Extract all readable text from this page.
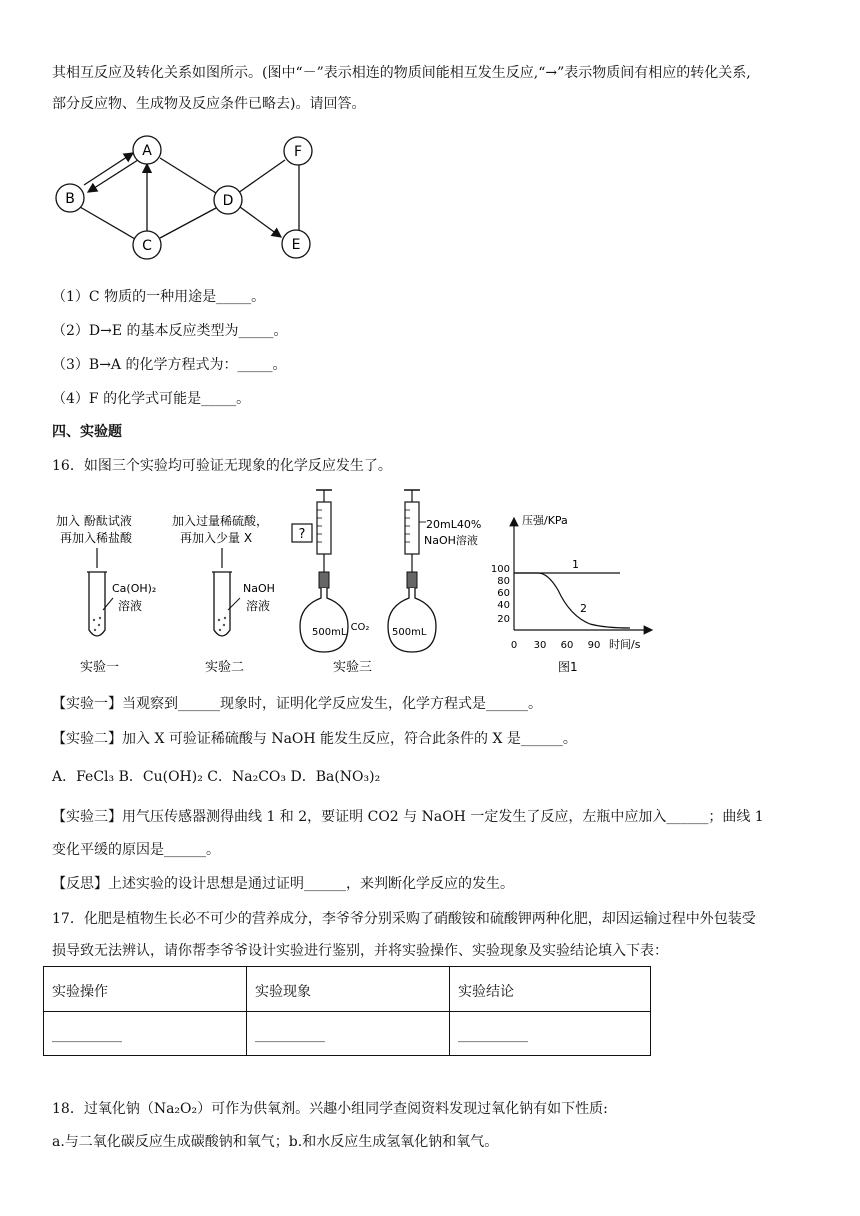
其相互反应及转化关系如图所示。(图中“－”表示相连的物质间能相互发生反应,“→”表示物质间有相应的转化关系,
部分反应物、生成物及反应条件已略去)。请回答。
A
B
C
D
E
F
（1）C 物质的一种用途是_____。
（2）D→E 的基本反应类型为_____。
（3）B→A 的化学方程式为：_____。
（4）F 的化学式可能是_____。
四、实验题
16．如图三个实验均可验证无现象的化学反应发生了。
加入 酚酞试液
再加入稀盐酸
Ca(OH)₂
溶液
实验一
加入过量稀硫酸，
再加入少量 X
NaOH
溶液
实验二
?
500mL
20mL40%
NaOH溶液
500mL
CO₂
实验三
压强/KPa
100
80
60
40
20
0 30 60 90 时间/s
1
2
图1
【实验一】当观察到______现象时，证明化学反应发生，化学方程式是______。
【实验二】加入 X 可验证稀硫酸与 NaOH 能发生反应，符合此条件的 X 是______。
A．FeCl₃ B．Cu(OH)₂ C．Na₂CO₃ D．Ba(NO₃)₂
【实验三】用气压传感器测得曲线 1 和 2，要证明 CO2 与 NaOH 一定发生了反应，左瓶中应加入______；曲线 1
变化平缓的原因是______。
【反思】上述实验的设计思想是通过证明______，来判断化学反应的发生。
17．化肥是植物生长必不可少的营养成分，李爷爷分别采购了硝酸铵和硫酸钾两种化肥，却因运输过程中外包装受
损导致无法辨认，请你帮李爷爷设计实验进行鉴别，并将实验操作、实验现象及实验结论填入下表：
实验操作	实验现象	实验结论
__________	__________	__________
18．过氧化钠（Na₂O₂）可作为供氧剂。兴趣小组同学查阅资料发现过氧化钠有如下性质:
a.与二氧化碳反应生成碳酸钠和氧气；b.和水反应生成氢氧化钠和氧气。
